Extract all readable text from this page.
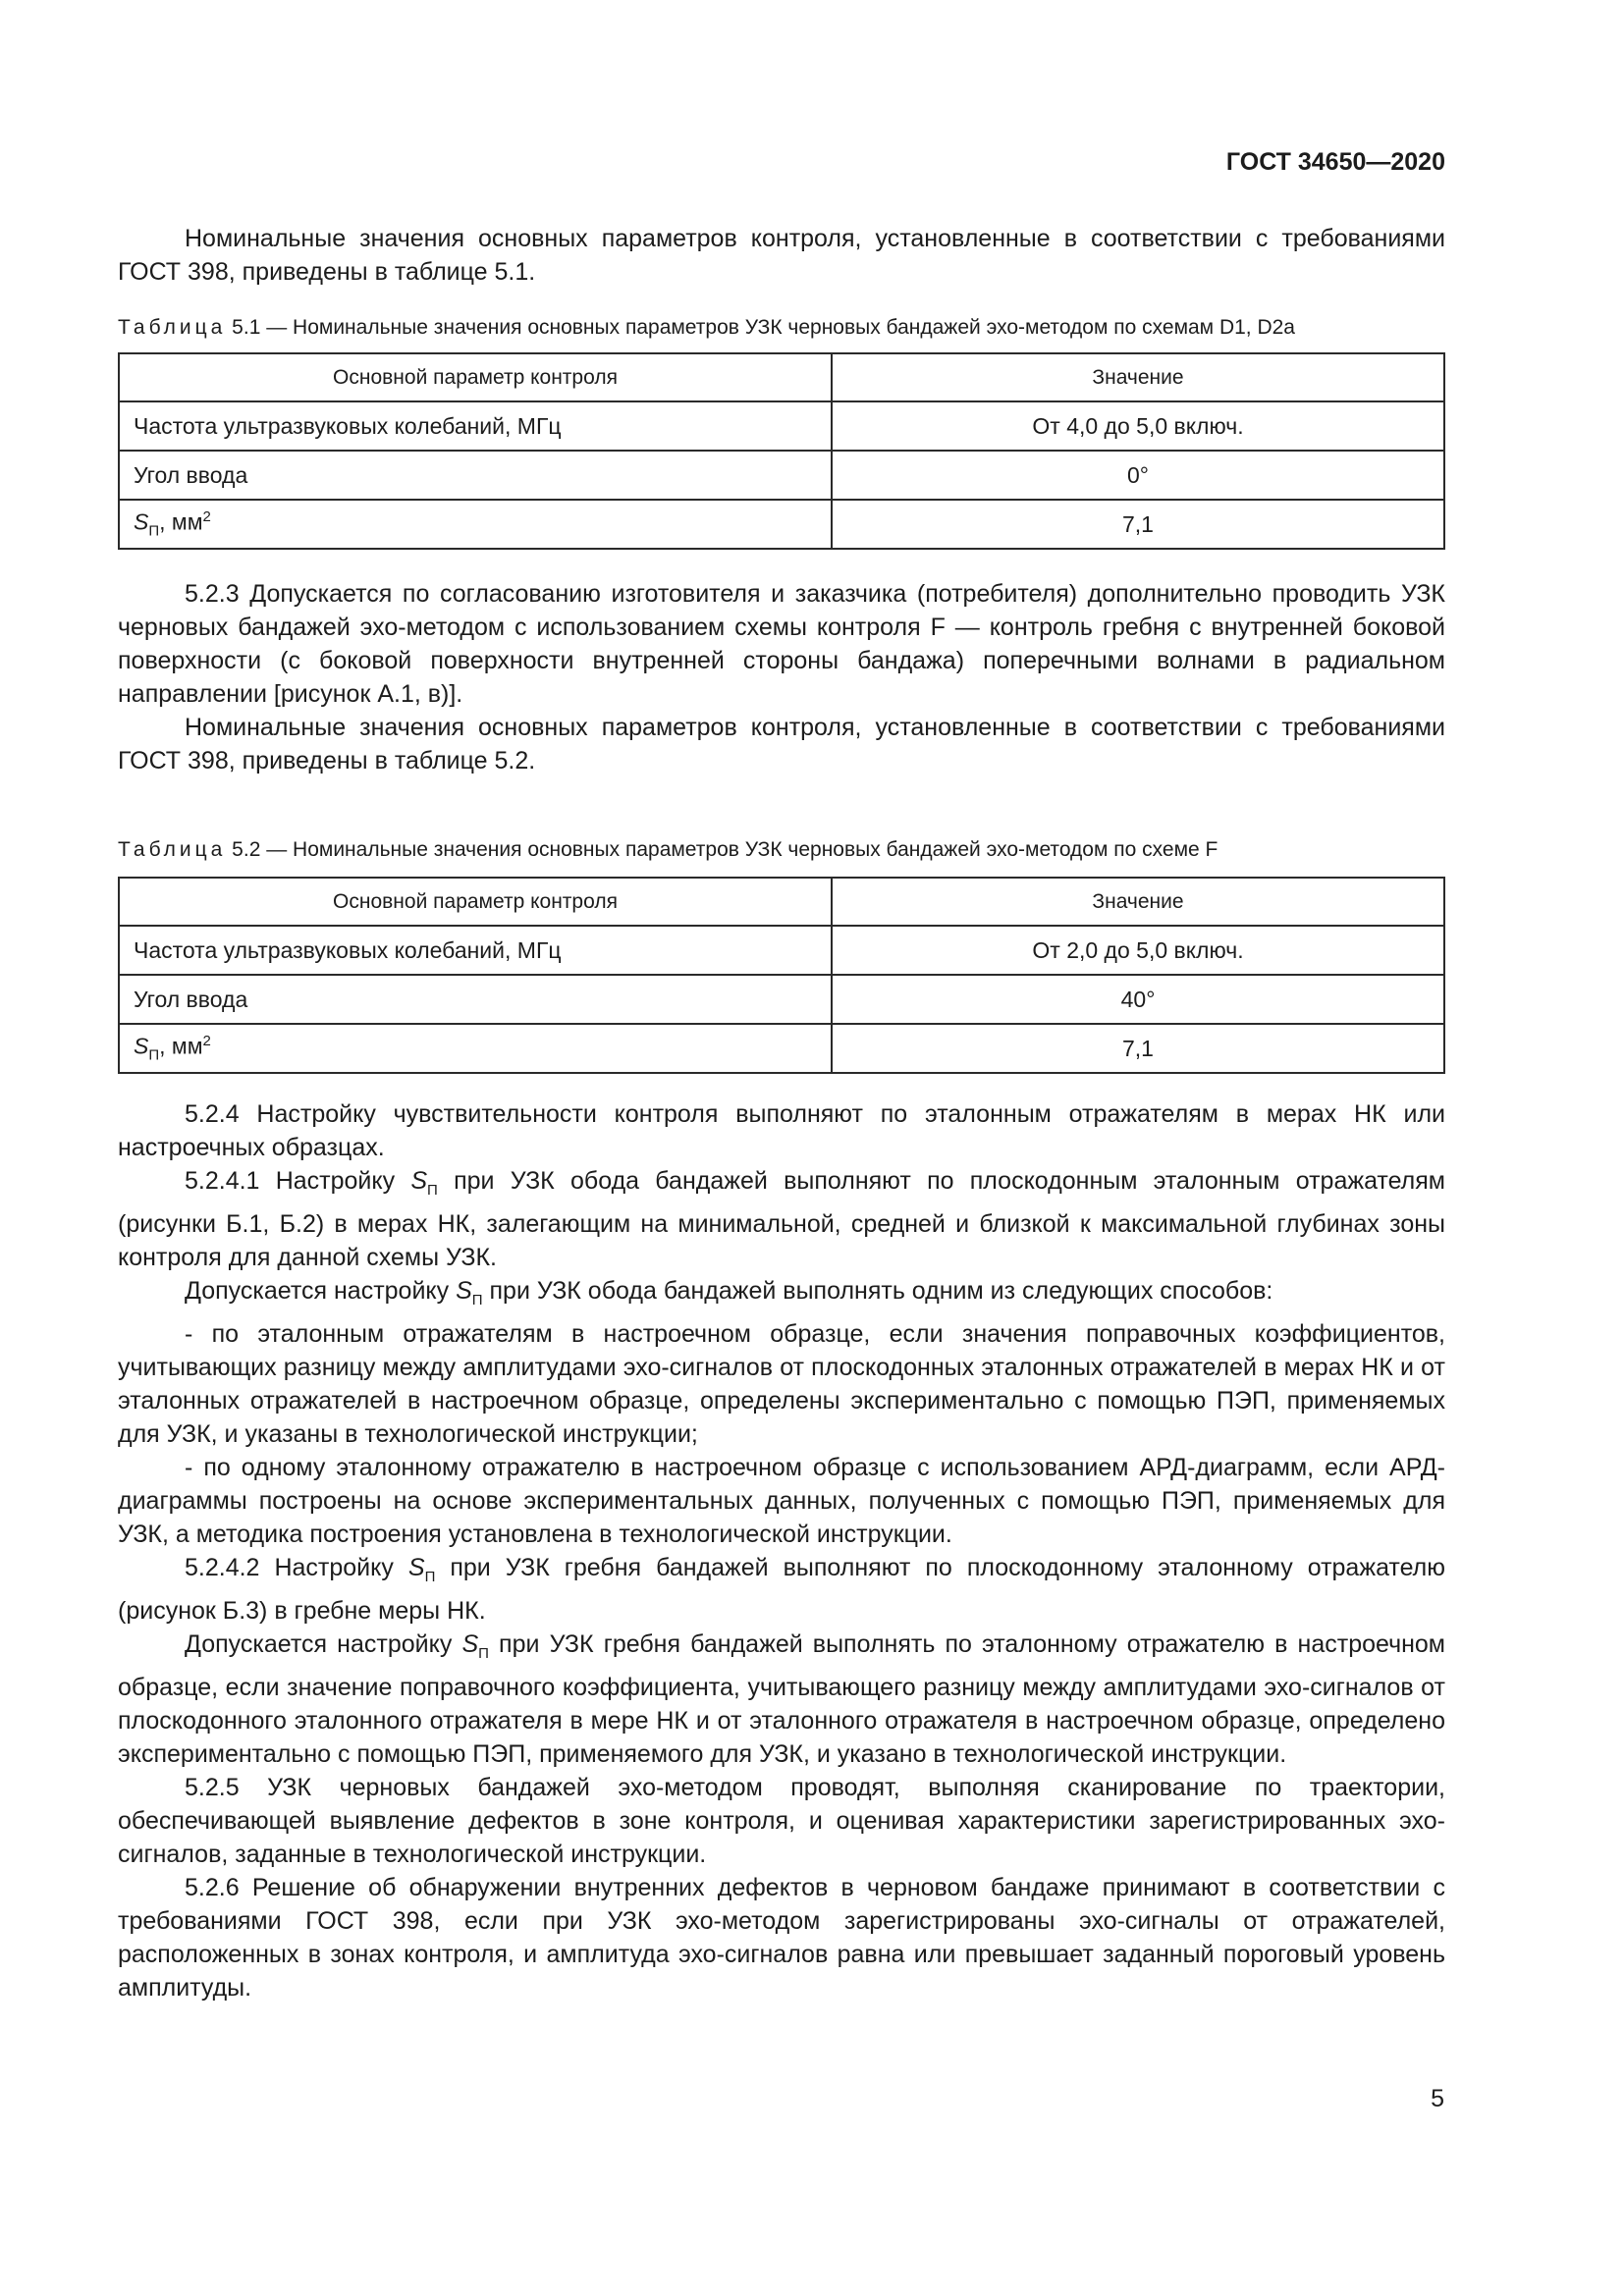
ГОСТ 34650—2020

Номинальные значения основных параметров контроля, установленные в соответствии с требованиями ГОСТ 398, приведены в таблице 5.1.

Таблица 5.1 — Номинальные значения основных параметров УЗК черновых бандажей эхо-методом по схемам D1, D2а

Основной параметр контроля	Значение
Частота ультразвуковых колебаний, МГц	От 4,0 до 5,0 включ.
Угол ввода	0°
$S_П$, $мм^2$	7,1

5.2.3 Допускается по согласованию изготовителя и заказчика (потребителя) дополнительно проводить УЗК черновых бандажей эхо-методом с использованием схемы контроля F — контроль гребня с внутренней боковой поверхности (с боковой поверхности внутренней стороны бандажа) поперечными волнами в радиальном направлении [рисунок А.1, в)].

Номинальные значения основных параметров контроля, установленные в соответствии с требованиями ГОСТ 398, приведены в таблице 5.2.

Таблица 5.2 — Номинальные значения основных параметров УЗК черновых бандажей эхо-методом по схеме F

Основной параметр контроля	Значение
Частота ультразвуковых колебаний, МГц	От 2,0 до 5,0 включ.
Угол ввода	40°
$S_П$, $мм^2$	7,1

5.2.4 Настройку чувствительности контроля выполняют по эталонным отражателям в мерах НК или настроечных образцах.

5.2.4.1 Настройку $S_П$ при УЗК обода бандажей выполняют по плоскодонным эталонным отражателям (рисунки Б.1, Б.2) в мерах НК, залегающим на минимальной, средней и близкой к максимальной глубинах зоны контроля для данной схемы УЗК.

Допускается настройку $S_П$ при УЗК обода бандажей выполнять одним из следующих способов:

- по эталонным отражателям в настроечном образце, если значения поправочных коэффициентов, учитывающих разницу между амплитудами эхо-сигналов от плоскодонных эталонных отражателей в мерах НК и от эталонных отражателей в настроечном образце, определены экспериментально с помощью ПЭП, применяемых для УЗК, и указаны в технологической инструкции;

- по одному эталонному отражателю в настроечном образце с использованием АРД-диаграмм, если АРД-диаграммы построены на основе экспериментальных данных, полученных с помощью ПЭП, применяемых для УЗК, а методика построения установлена в технологической инструкции.

5.2.4.2 Настройку $S_П$ при УЗК гребня бандажей выполняют по плоскодонному эталонному отражателю (рисунок Б.3) в гребне меры НК.

Допускается настройку $S_П$ при УЗК гребня бандажей выполнять по эталонному отражателю в настроечном образце, если значение поправочного коэффициента, учитывающего разницу между амплитудами эхо-сигналов от плоскодонного эталонного отражателя в мере НК и от эталонного отражателя в настроечном образце, определено экспериментально с помощью ПЭП, применяемого для УЗК, и указано в технологической инструкции.

5.2.5 УЗК черновых бандажей эхо-методом проводят, выполняя сканирование по траектории, обеспечивающей выявление дефектов в зоне контроля, и оценивая характеристики зарегистрированных эхо-сигналов, заданные в технологической инструкции.

5.2.6 Решение об обнаружении внутренних дефектов в черновом бандаже принимают в соответствии с требованиями ГОСТ 398, если при УЗК эхо-методом зарегистрированы эхо-сигналы от отражателей, расположенных в зонах контроля, и амплитуда эхо-сигналов равна или превышает заданный пороговый уровень амплитуды.

5
